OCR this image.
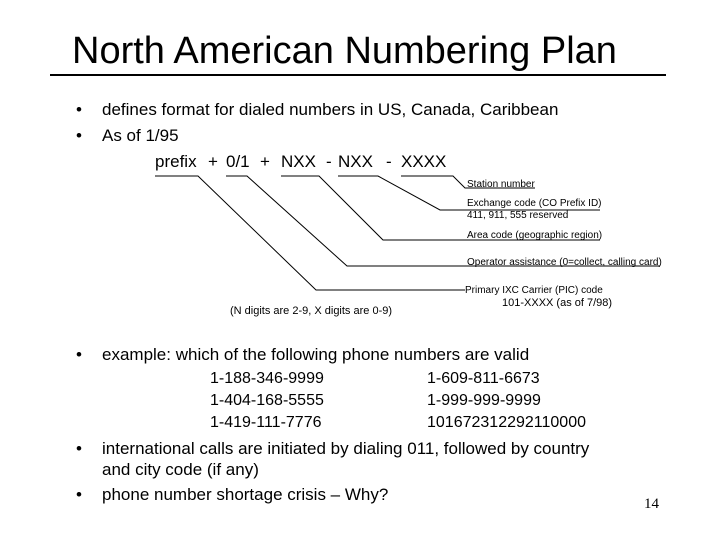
North American Numbering Plan
• defines format for dialed numbers in US, Canada, Caribbean
• As of 1/95
prefix + 0/1 + NXX - NXX - XXXX
Station number
Exchange code (CO Prefix ID)
411, 911, 555 reserved
Area code (geographic region)
Operator assistance (0=collect, calling card)
Primary IXC Carrier (PIC) code
101-XXXX (as of 7/98)
(N digits are 2-9, X digits are 0-9)
• example: which of the following phone numbers are valid
1-188-346-9999	1-609-811-6673
1-404-168-5555	1-999-999-9999
1-419-111-7776	101672312292110000
• international calls are initiated by dialing 011, followed by country
and city code (if any)
• phone number shortage crisis – Why?	14
